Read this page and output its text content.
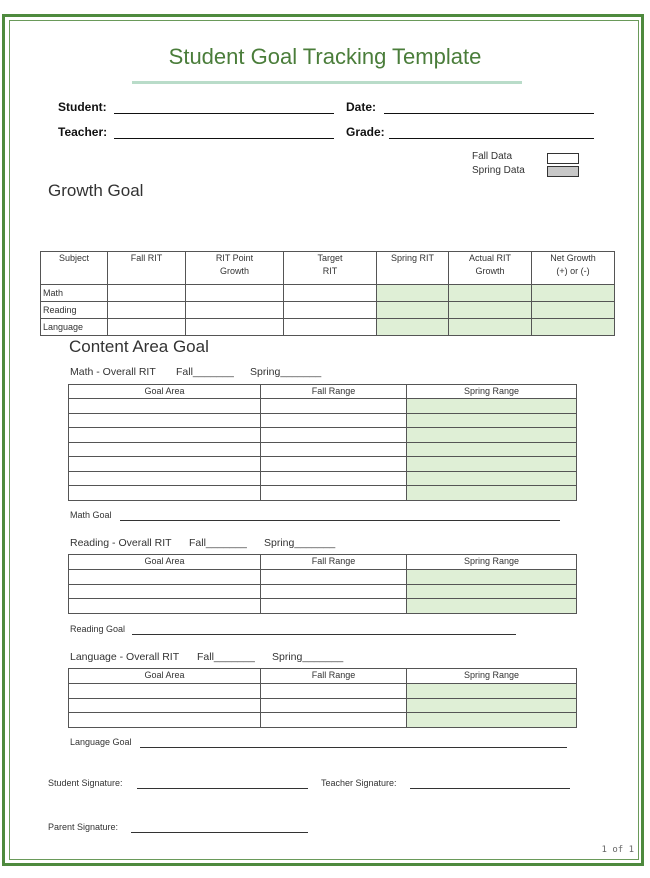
Student Goal Tracking Template
Student:	Date:
Teacher:	Grade:
Fall Data
Spring Data
Growth Goal
Subject	Fall RIT	RIT Point Growth	Target RIT	Spring RIT	Actual RIT Growth	Net Growth (+) or (-)
Math						
Reading						
Language						
Content Area Goal
Math - Overall RIT Fall_______ Spring_______
Goal Area	Fall Range	Spring Range

Math Goal
Reading - Overall RIT Fall_______ Spring_______
Goal Area	Fall Range	Spring Range

Reading Goal
Language - Overall RIT Fall_______ Spring_______
Goal Area	Fall Range	Spring Range

Language Goal
Student Signature:	Teacher Signature:
Parent Signature:
1 of 1
